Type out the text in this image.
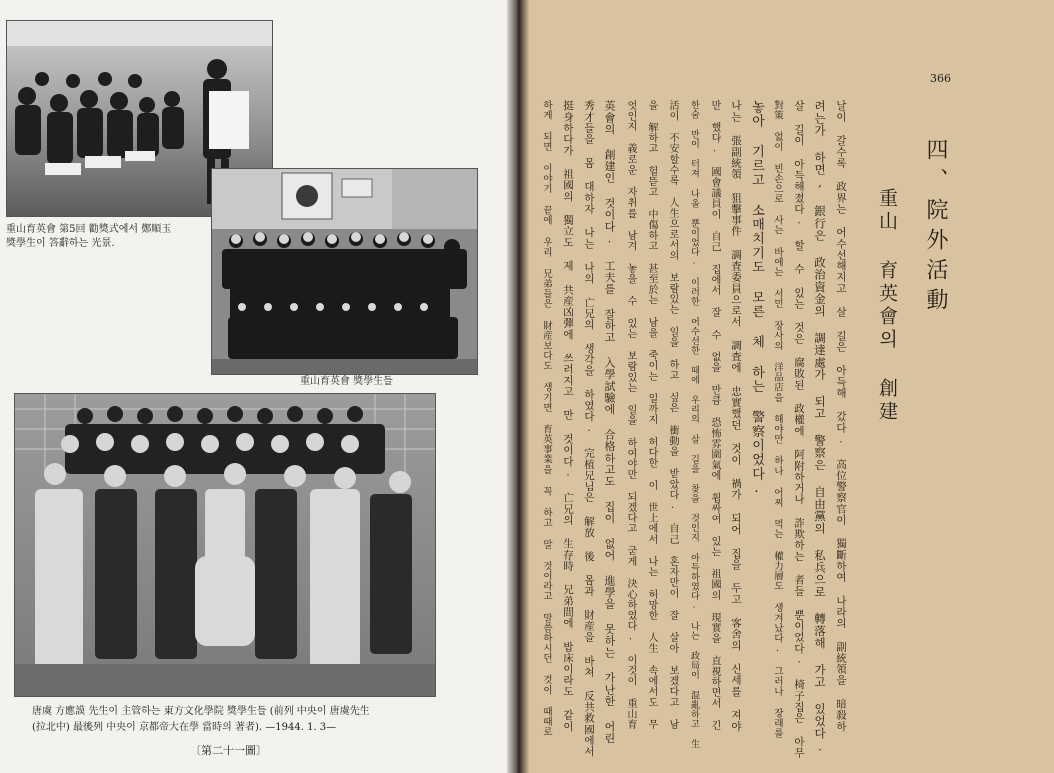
重山育英會 第5回 勸獎式에서 鄭順玉
獎學生이 答辭하는 光景.
重山育英會 獎學生들
唐虞 方應謨 先生이 主管하는 東方文化學院 獎學生들 (前列 中央이 唐虞先生
(拉北中) 最後列 中央이 京都帝大在學 當時의 著者). —1944. 1. 3—
〔第二十一圖〕
366
四、院外活動
重山 育英會의 創建
날이 갈수록 政界는 어수선해지고 살 길은 아득해 갔다. 高位警察官이 獨斷하여 나라의 副統領을 暗殺하
려는가 하면, 銀行은 政治資金의 調達處가 되고 警察은 自由黨의 私兵으로 轉落해 가고 있었다.
살 길이 아득해졌다. 할 수 있는 것은 腐敗된 政權에 阿附하거나 詐欺하는 者들 뿐이었다. 椅子집은 아무
對策 없이 빈손으로 사는 바에는 서민 장사의 洋品店을 해야만 하나 어찌 먹는 權力層도 생겨났다. 그러나 장래를
놓아 기르고 소매치기도 모른 체 하는 警察이었다.
나는 張副統領 狙擊事件 調査委員으로서 調査에 忠實했던 것이 禍가 되어 집을 두고 客舍의 신세를 져야
만 했다. 國會議員이 自己 집에서 잘 수 없을 만큼 恐怖雰圍氣에 휩싸여 있는 祖國의 現實을 直視하면서 긴
한숨 만이 터져 나올 뿐이었다. 이러한 어수선한 때에 우리의 살 길을 찾을 것인지 아득하였다. 나는 政局이 混亂하고 生
活이 不安할수록 人生으로서의 보람있는 일을 하고 싶은 衝動을 받았다. 自己 혼자만이 잘 살아 보겠다고 남
을 解하고 헐뜯고 中傷하고 甚至於는 남을 죽이는 일까지 허다한 이 世上에서 나는 허망한 人生 속에서도 무
엇인지 義로운 자취를 남겨 놓을 수 있는 보람있는 일을 하여야만 되겠다고 굳게 決心하였다. 이것이 重山育
英會의 創建인 것이다. 工夫를 잘하고 入學試驗에 合格하고도 집이 없어 進學을 못하는 가난한 어린
秀才들을 몸 대하자 나는 나의 亡兄의 생각을 하였다. 完植兄님은 解放 後 몸과 財産을 바쳐 反共救國에서
挺身하다가 祖國의 獨立도 제 共産凶彈에 쓰러지고 만 것이다. 亡兄의 生存時 兄弟間에 밥床이라도 같이
하게 되면 이야기 끝에 우리 兄弟들은 財産보다도 생기면 育英事業을 꼭 하고 말 것이라고 말씀하시던 것이 때때로
